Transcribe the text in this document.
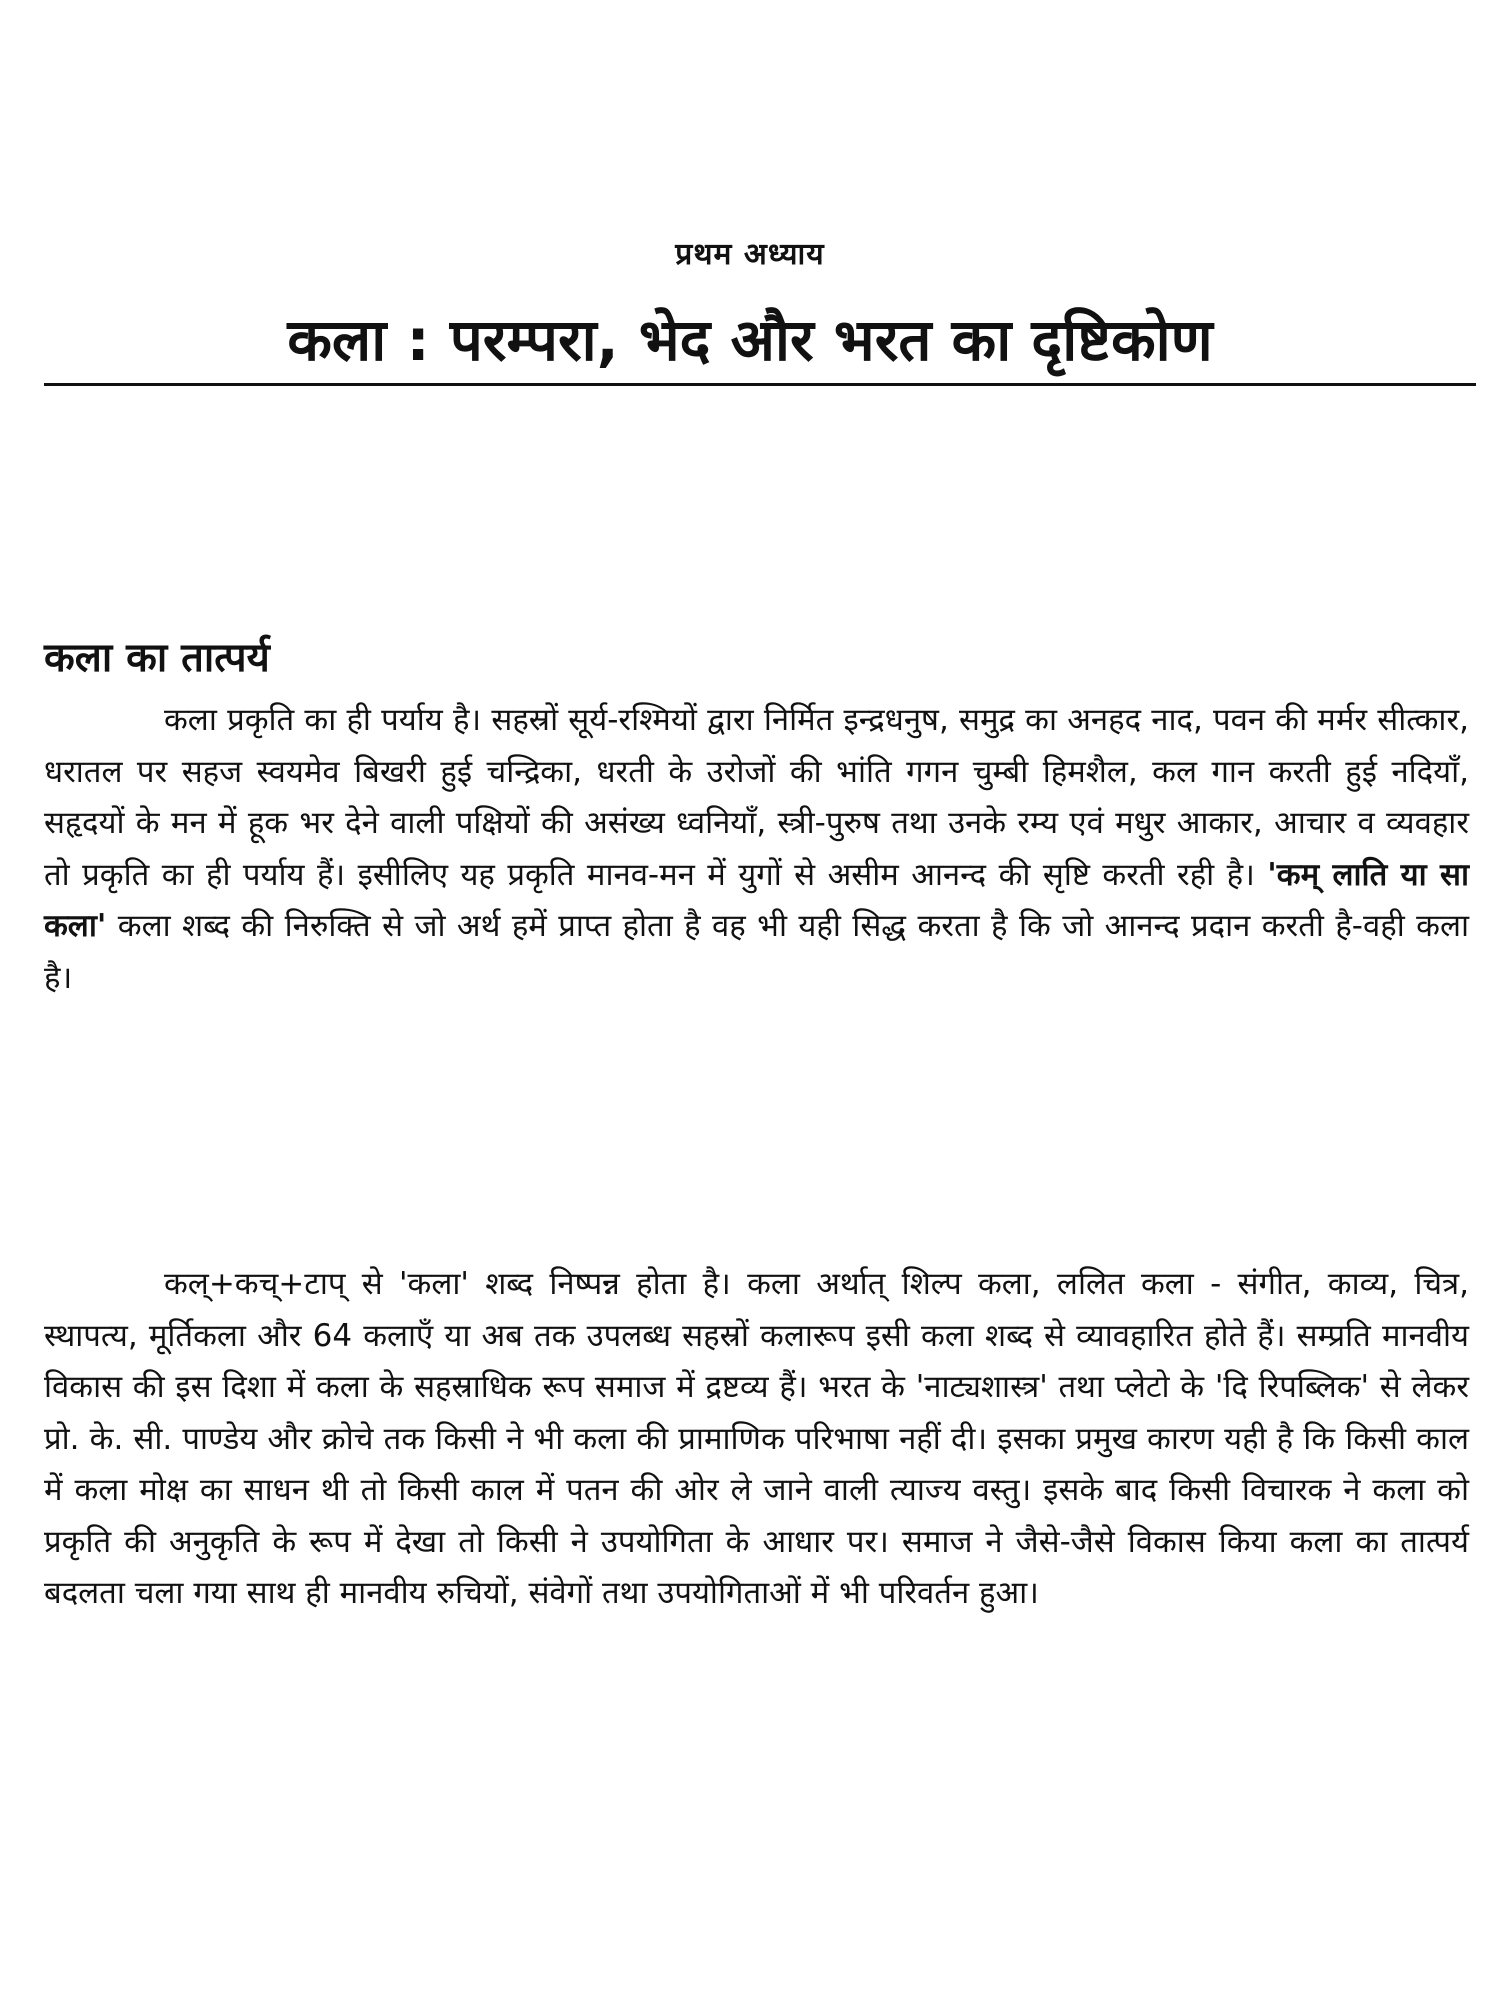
प्रथम अध्याय
कला : परम्परा, भेद और भरत का दृष्टिकोण
कला का तात्पर्य

कला प्रकृति का ही पर्याय है। सहस्रों सूर्य-रश्मियों द्वारा निर्मित इन्द्रधनुष, समुद्र का अनहद नाद, पवन की मर्मर सीत्कार, धरातल पर सहज स्वयमेव बिखरी हुई चन्द्रिका, धरती के उरोजों की भांति गगन चुम्बी हिमशैल, कल गान करती हुई नदियाँ, सहृदयों के मन में हूक भर देने वाली पक्षियों की असंख्य ध्वनियाँ, स्त्री-पुरुष तथा उनके रम्य एवं मधुर आकार, आचार व व्यवहार तो प्रकृति का ही पर्याय हैं। इसीलिए यह प्रकृति मानव-मन में युगों से असीम आनन्द की सृष्टि करती रही है। 'कम् लाति या सा कला' कला शब्द की निरुक्ति से जो अर्थ हमें प्राप्त होता है वह भी यही सिद्ध करता है कि जो आनन्द प्रदान करती है-वही कला है।

कल्+कच्+टाप् से 'कला' शब्द निष्पन्न होता है। कला अर्थात् शिल्प कला, ललित कला - संगीत, काव्य, चित्र, स्थापत्य, मूर्तिकला और 64 कलाएँ या अब तक उपलब्ध सहस्रों कलारूप इसी कला शब्द से व्यावहारित होते हैं। सम्प्रति मानवीय विकास की इस दिशा में कला के सहस्राधिक रूप समाज में द्रष्टव्य हैं। भरत के 'नाट्यशास्त्र' तथा प्लेटो के 'दि रिपब्लिक' से लेकर प्रो. के. सी. पाण्डेय और क्रोचे तक किसी ने भी कला की प्रामाणिक परिभाषा नहीं दी। इसका प्रमुख कारण यही है कि किसी काल में कला मोक्ष का साधन थी तो किसी काल में पतन की ओर ले जाने वाली त्याज्य वस्तु। इसके बाद किसी विचारक ने कला को प्रकृति की अनुकृति के रूप में देखा तो किसी ने उपयोगिता के आधार पर। समाज ने जैसे-जैसे विकास किया कला का तात्पर्य बदलता चला गया साथ ही मानवीय रुचियों, संवेगों तथा उपयोगिताओं में भी परिवर्तन हुआ।
